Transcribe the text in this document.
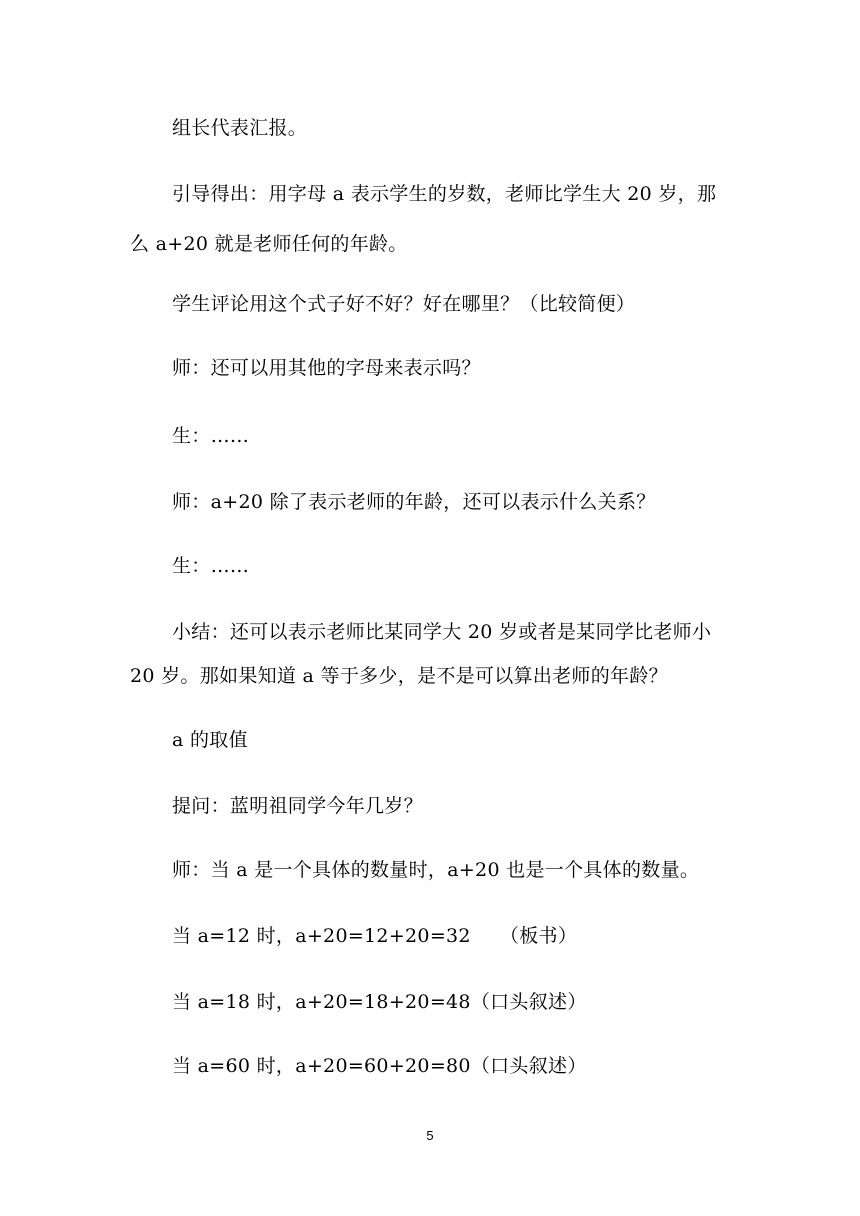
组长代表汇报。
引导得出：用字母 a 表示学生的岁数，老师比学生大 20 岁，那
么 a+20 就是老师任何的年龄。
学生评论用这个式子好不好？好在哪里？（比较简便）
师：还可以用其他的字母来表示吗？
生：……
师：a+20 除了表示老师的年龄，还可以表示什么关系？
生：……
小结：还可以表示老师比某同学大 20 岁或者是某同学比老师小
20 岁。那如果知道 a 等于多少，是不是可以算出老师的年龄？
a 的取值
提问：蓝明祖同学今年几岁？
师：当 a 是一个具体的数量时，a+20 也是一个具体的数量。
当 a=12 时，a+20=12+20=32　　（板书）
当 a=18 时，a+20=18+20=48（口头叙述）
当 a=60 时，a+20=60+20=80（口头叙述）
5
